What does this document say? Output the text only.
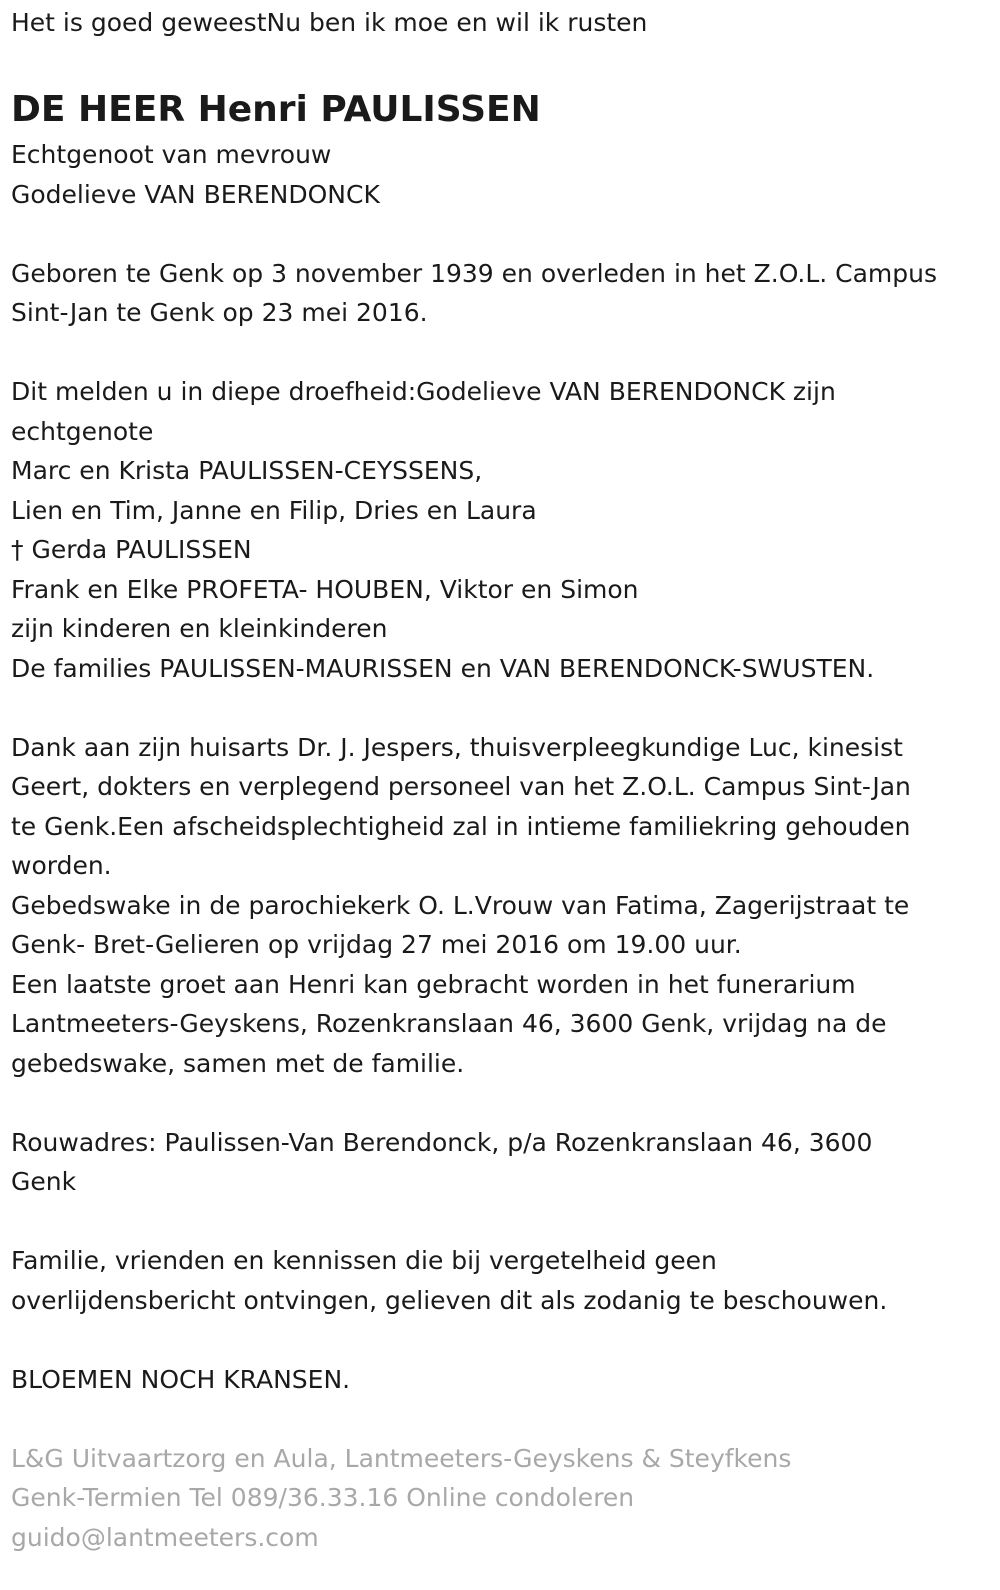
Het is goed geweestNu ben ik moe en wil ik rusten

DE HEER Henri PAULISSEN

Echtgenoot van mevrouw

Godelieve VAN BERENDONCK

Geboren te Genk op 3 november 1939 en overleden in het Z.O.L. Campus

Sint-Jan te Genk op 23 mei 2016.

Dit melden u in diepe droefheid:Godelieve VAN BERENDONCK zijn

echtgenote

Marc en Krista PAULISSEN-CEYSSENS,

Lien en Tim, Janne en Filip, Dries en Laura

† Gerda PAULISSEN

Frank en Elke PROFETA- HOUBEN, Viktor en Simon

zijn kinderen en kleinkinderen

De families PAULISSEN-MAURISSEN en VAN BERENDONCK-SWUSTEN.

Dank aan zijn huisarts Dr. J. Jespers, thuisverpleegkundige Luc, kinesist

Geert, dokters en verplegend personeel van het Z.O.L. Campus Sint-Jan

te Genk.Een afscheidsplechtigheid zal in intieme familiekring gehouden

worden.

Gebedswake in de parochiekerk O. L.Vrouw van Fatima, Zagerijstraat te

Genk- Bret-Gelieren op vrijdag 27 mei 2016 om 19.00 uur.

Een laatste groet aan Henri kan gebracht worden in het funerarium

Lantmeeters-Geyskens, Rozenkranslaan 46, 3600 Genk, vrijdag na de

gebedswake, samen met de familie.

Rouwadres: Paulissen-Van Berendonck, p/a Rozenkranslaan 46, 3600

Genk

Familie, vrienden en kennissen die bij vergetelheid geen

overlijdensbericht ontvingen, gelieven dit als zodanig te beschouwen.

BLOEMEN NOCH KRANSEN.

L&G Uitvaartzorg en Aula, Lantmeeters-Geyskens & Steyfkens

Genk-Termien Tel 089/36.33.16 Online condoleren

guido@lantmeeters.com
